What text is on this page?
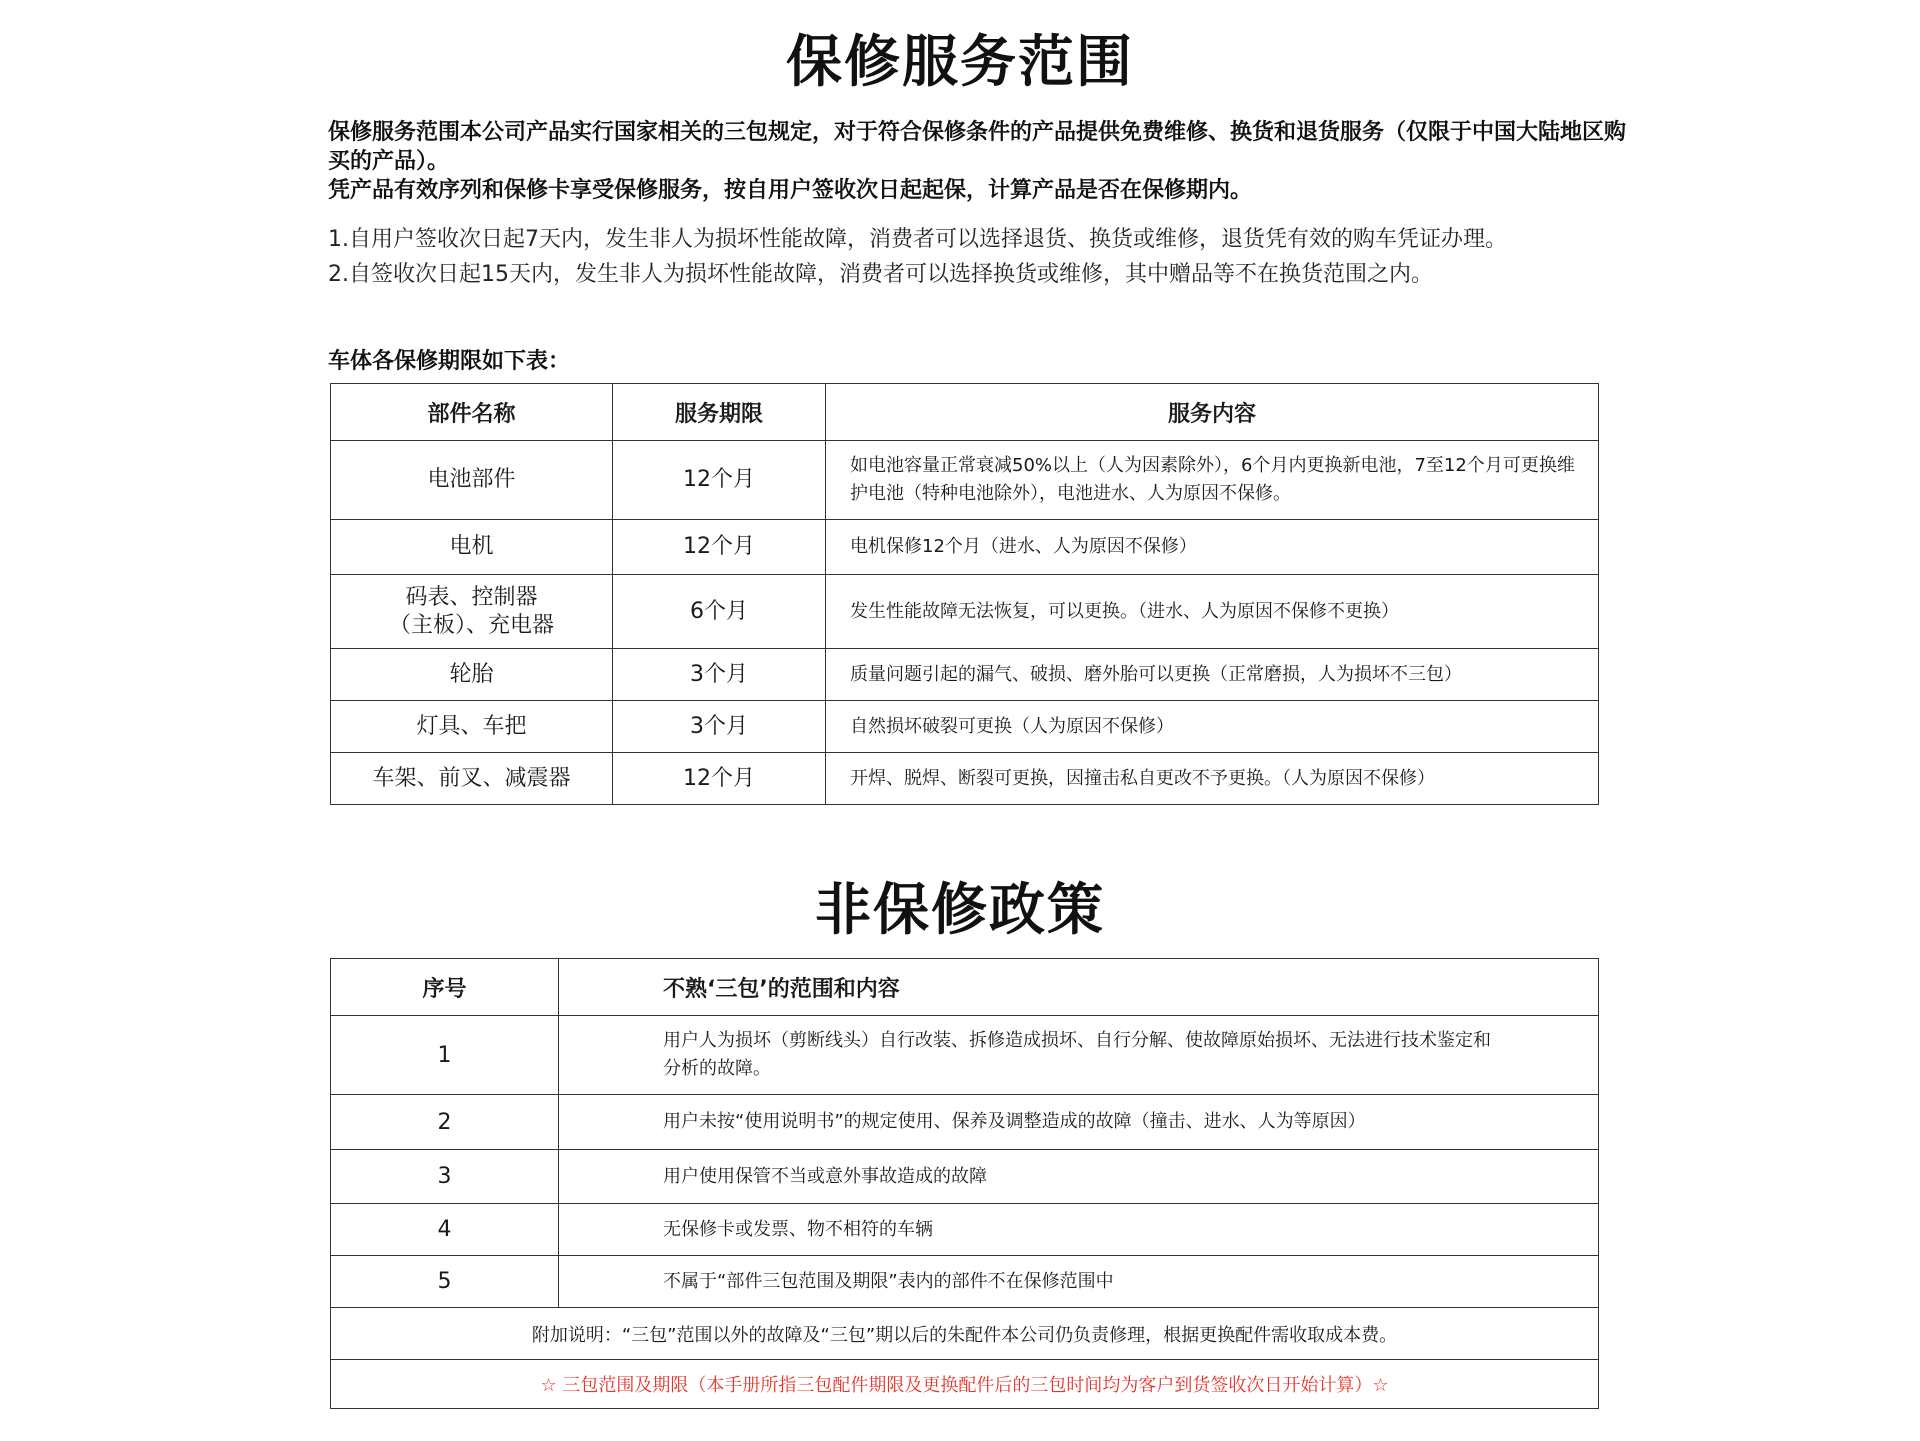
保修服务范围
保修服务范围本公司产品实行国家相关的三包规定，对于符合保修条件的产品提供免费维修、换货和退货服务（仅限于中国大陆地区购买的产品）。
凭产品有效序列和保修卡享受保修服务，按自用户签收次日起起保，计算产品是否在保修期内。
1.自用户签收次日起7天内，发生非人为损坏性能故障，消费者可以选择退货、换货或维修，退货凭有效的购车凭证办理。
2.自签收次日起15天内，发生非人为损坏性能故障，消费者可以选择换货或维修，其中赠品等不在换货范围之内。
车体各保修期限如下表：
部件名称	服务期限	服务内容

电池部件	12个月	如电池容量正常衰减50%以上（人为因素除外），6个月内更换新电池，7至12个月可更换维护电池（特种电池除外），电池进水、人为原因不保修。

电机	12个月	电机保修12个月（进水、人为原因不保修）

码表、控制器
（主板）、充电器	6个月	发生性能故障无法恢复，可以更换。（进水、人为原因不保修不更换）

轮胎	3个月	质量问题引起的漏气、破损、磨外胎可以更换（正常磨损，人为损坏不三包）

灯具、车把	3个月	自然损坏破裂可更换（人为原因不保修）

车架、前叉、减震器	12个月	开焊、脱焊、断裂可更换，因撞击私自更改不予更换。（人为原因不保修）
非保修政策
序号	不熟‘三包’的范围和内容
1	用户人为损坏（剪断线头）自行改装、拆修造成损坏、自行分解、使故障原始损坏、无法进行技术鉴定和分析的故障。
2	用户未按“使用说明书”的规定使用、保养及调整造成的故障（撞击、进水、人为等原因）
3	用户使用保管不当或意外事故造成的故障
4	无保修卡或发票、物不相符的车辆
5	不属于“部件三包范围及期限”表内的部件不在保修范围中
附加说明：“三包”范围以外的故障及“三包”期以后的朱配件本公司仍负责修理，根据更换配件需收取成本费。	
☆ 三包范围及期限（本手册所指三包配件期限及更换配件后的三包时间均为客户到货签收次日开始计算）☆	
